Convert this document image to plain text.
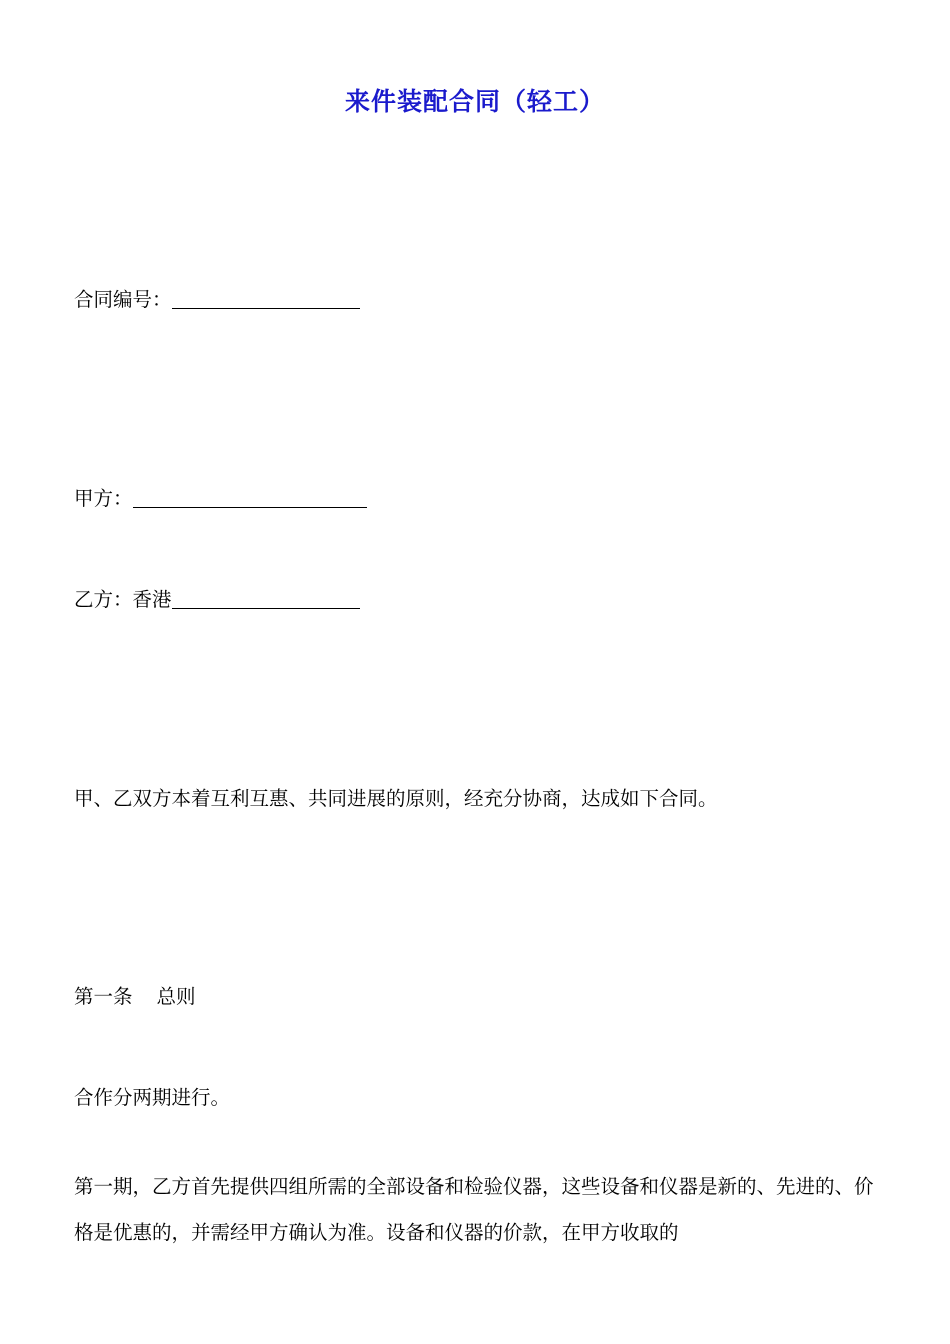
来件装配合同（轻工）
合同编号：
甲方：
乙方：香港
甲、乙双方本着互利互惠、共同进展的原则，经充分协商，达成如下合同。
第一条 总则
合作分两期进行。
第一期，乙方首先提供四组所需的全部设备和检验仪器，这些设备和仪器是新的、先进的、价格是优惠的，并需经甲方确认为准。设备和仪器的价款，在甲方收取的
